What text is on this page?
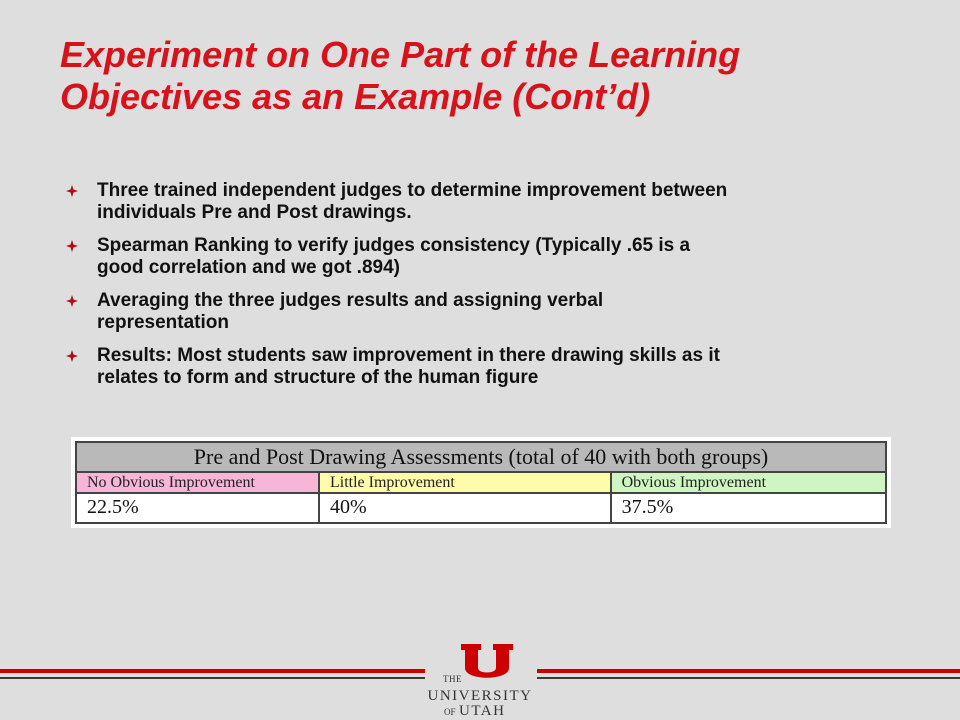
Experiment on One Part of the Learning
Objectives as an Example (Cont’d)
Three trained independent judges to determine improvement between
individuals Pre and Post drawings.
Spearman Ranking to verify judges consistency (Typically .65 is a
good correlation and we got .894)
Averaging the three judges results and assigning verbal
representation
Results: Most students saw improvement in there drawing skills as it
relates to form and structure of the human figure
Pre and Post Drawing Assessments (total of 40 with both groups)		
No Obvious Improvement	Little Improvement	Obvious Improvement
22.5%	40%	37.5%
THE
UNIVERSITY
OF UTAH
